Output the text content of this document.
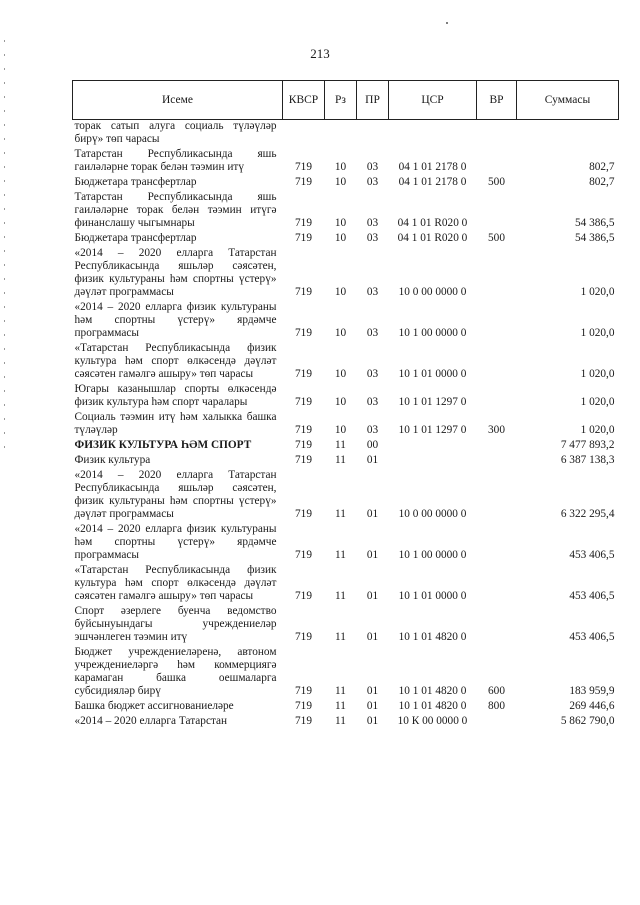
213
Исеме	КВСР	Рз	ПР	ЦСР	ВР	Суммасы
торак сатып алуга социаль түләүләр бирү» төп чарасы						
Татарстан Республикасында яшь гаиләләрне торак белән тәэмин итү	719	10	03	04 1 01 2178 0		802,7
Бюджетара трансфертлар	719	10	03	04 1 01 2178 0	500	802,7
Татарстан Республикасында яшь гаиләләрне торак белән тәэмин итүгә финанслашу чыгымнары	719	10	03	04 1 01 R020 0		54 386,5
Бюджетара трансфертлар	719	10	03	04 1 01 R020 0	500	54 386,5
«2014 – 2020 елларга Татарстан Республикасында яшьләр сәясәтен, физик культураны һәм спортны үстерү» дәүләт программасы	719	10	03	10 0 00 0000 0		1 020,0
«2014 – 2020 елларга физик культураны һәм спортны үстерү» ярдәмче программасы	719	10	03	10 1 00 0000 0		1 020,0
«Татарстан Республикасында физик культура һәм спорт өлкәсендә дәүләт сәясәтен гамәлгә ашыру» төп чарасы	719	10	03	10 1 01 0000 0		1 020,0
Югары казанышлар спорты өлкәсендә физик культура һәм спорт чаралары	719	10	03	10 1 01 1297 0		1 020,0
Социаль тәэмин итү һәм халыкка башка түләүләр	719	10	03	10 1 01 1297 0	300	1 020,0
ФИЗИК КУЛЬТУРА ҺӘМ СПОРТ	719	11	00			7 477 893,2
Физик культура	719	11	01			6 387 138,3
«2014 – 2020 елларга Татарстан Республикасында яшьләр сәясәтен, физик культураны һәм спортны үстерү» дәүләт программасы	719	11	01	10 0 00 0000 0		6 322 295,4
«2014 – 2020 елларга физик культураны һәм спортны үстерү» ярдәмче программасы	719	11	01	10 1 00 0000 0		453 406,5
«Татарстан Республикасында физик культура һәм спорт өлкәсендә дәүләт сәясәтен гамәлгә ашыру» төп чарасы	719	11	01	10 1 01 0000 0		453 406,5
Спорт әзерлеге буенча ведомство буйсынуындагы учреждениеләр эшчәнлеген тәэмин итү	719	11	01	10 1 01 4820 0		453 406,5
Бюджет учреждениеләренә, автоном учреждениеләргә һәм коммерциягә карамаган башка оешмаларга субсидияләр бирү	719	11	01	10 1 01 4820 0	600	183 959,9
Башка бюджет ассигнованиеләре	719	11	01	10 1 01 4820 0	800	269 446,6
«2014 – 2020 елларга Татарстан	719	11	01	10 К 00 0000 0		5 862 790,0
